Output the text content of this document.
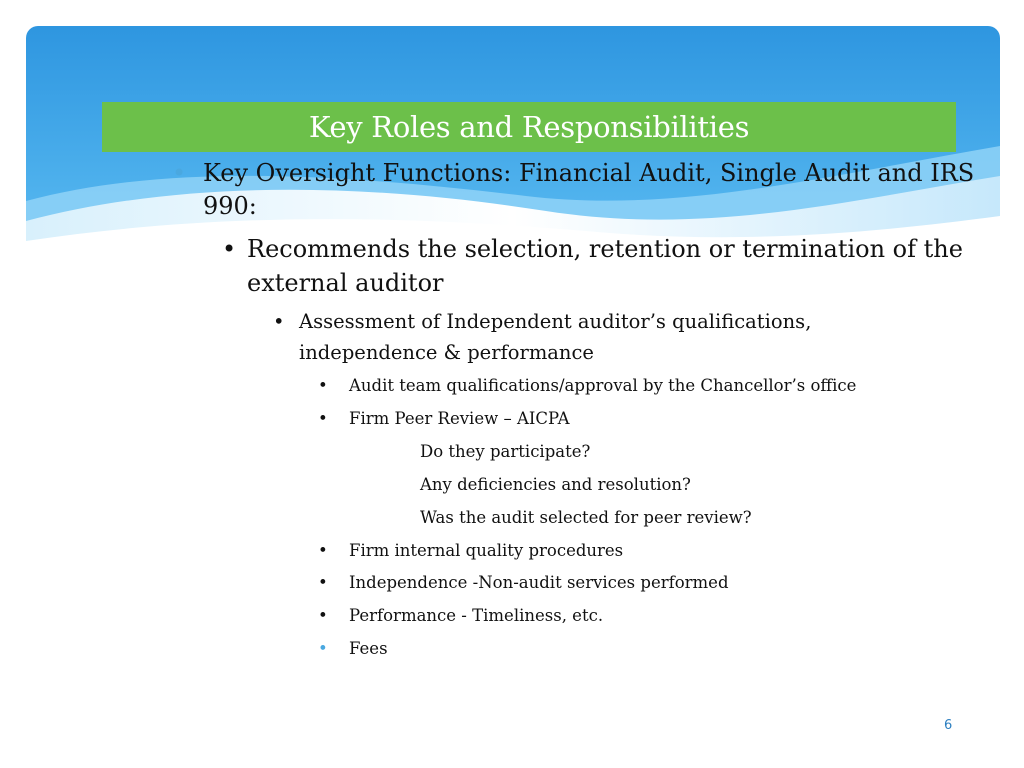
Key Roles and Responsibilities
• Key Oversight Functions: Financial Audit, Single Audit and IRS
990:
• Recommends the selection, retention or termination of the
external auditor
• Assessment of Independent auditor’s qualifications,
independence & performance
• Audit team qualifications/approval by the Chancellor’s office
• Firm Peer Review – AICPA
Do they participate?
Any deficiencies and resolution?
Was the audit selected for peer review?
• Firm internal quality procedures
• Independence -Non-audit services performed
• Performance - Timeliness, etc.
• Fees
6
